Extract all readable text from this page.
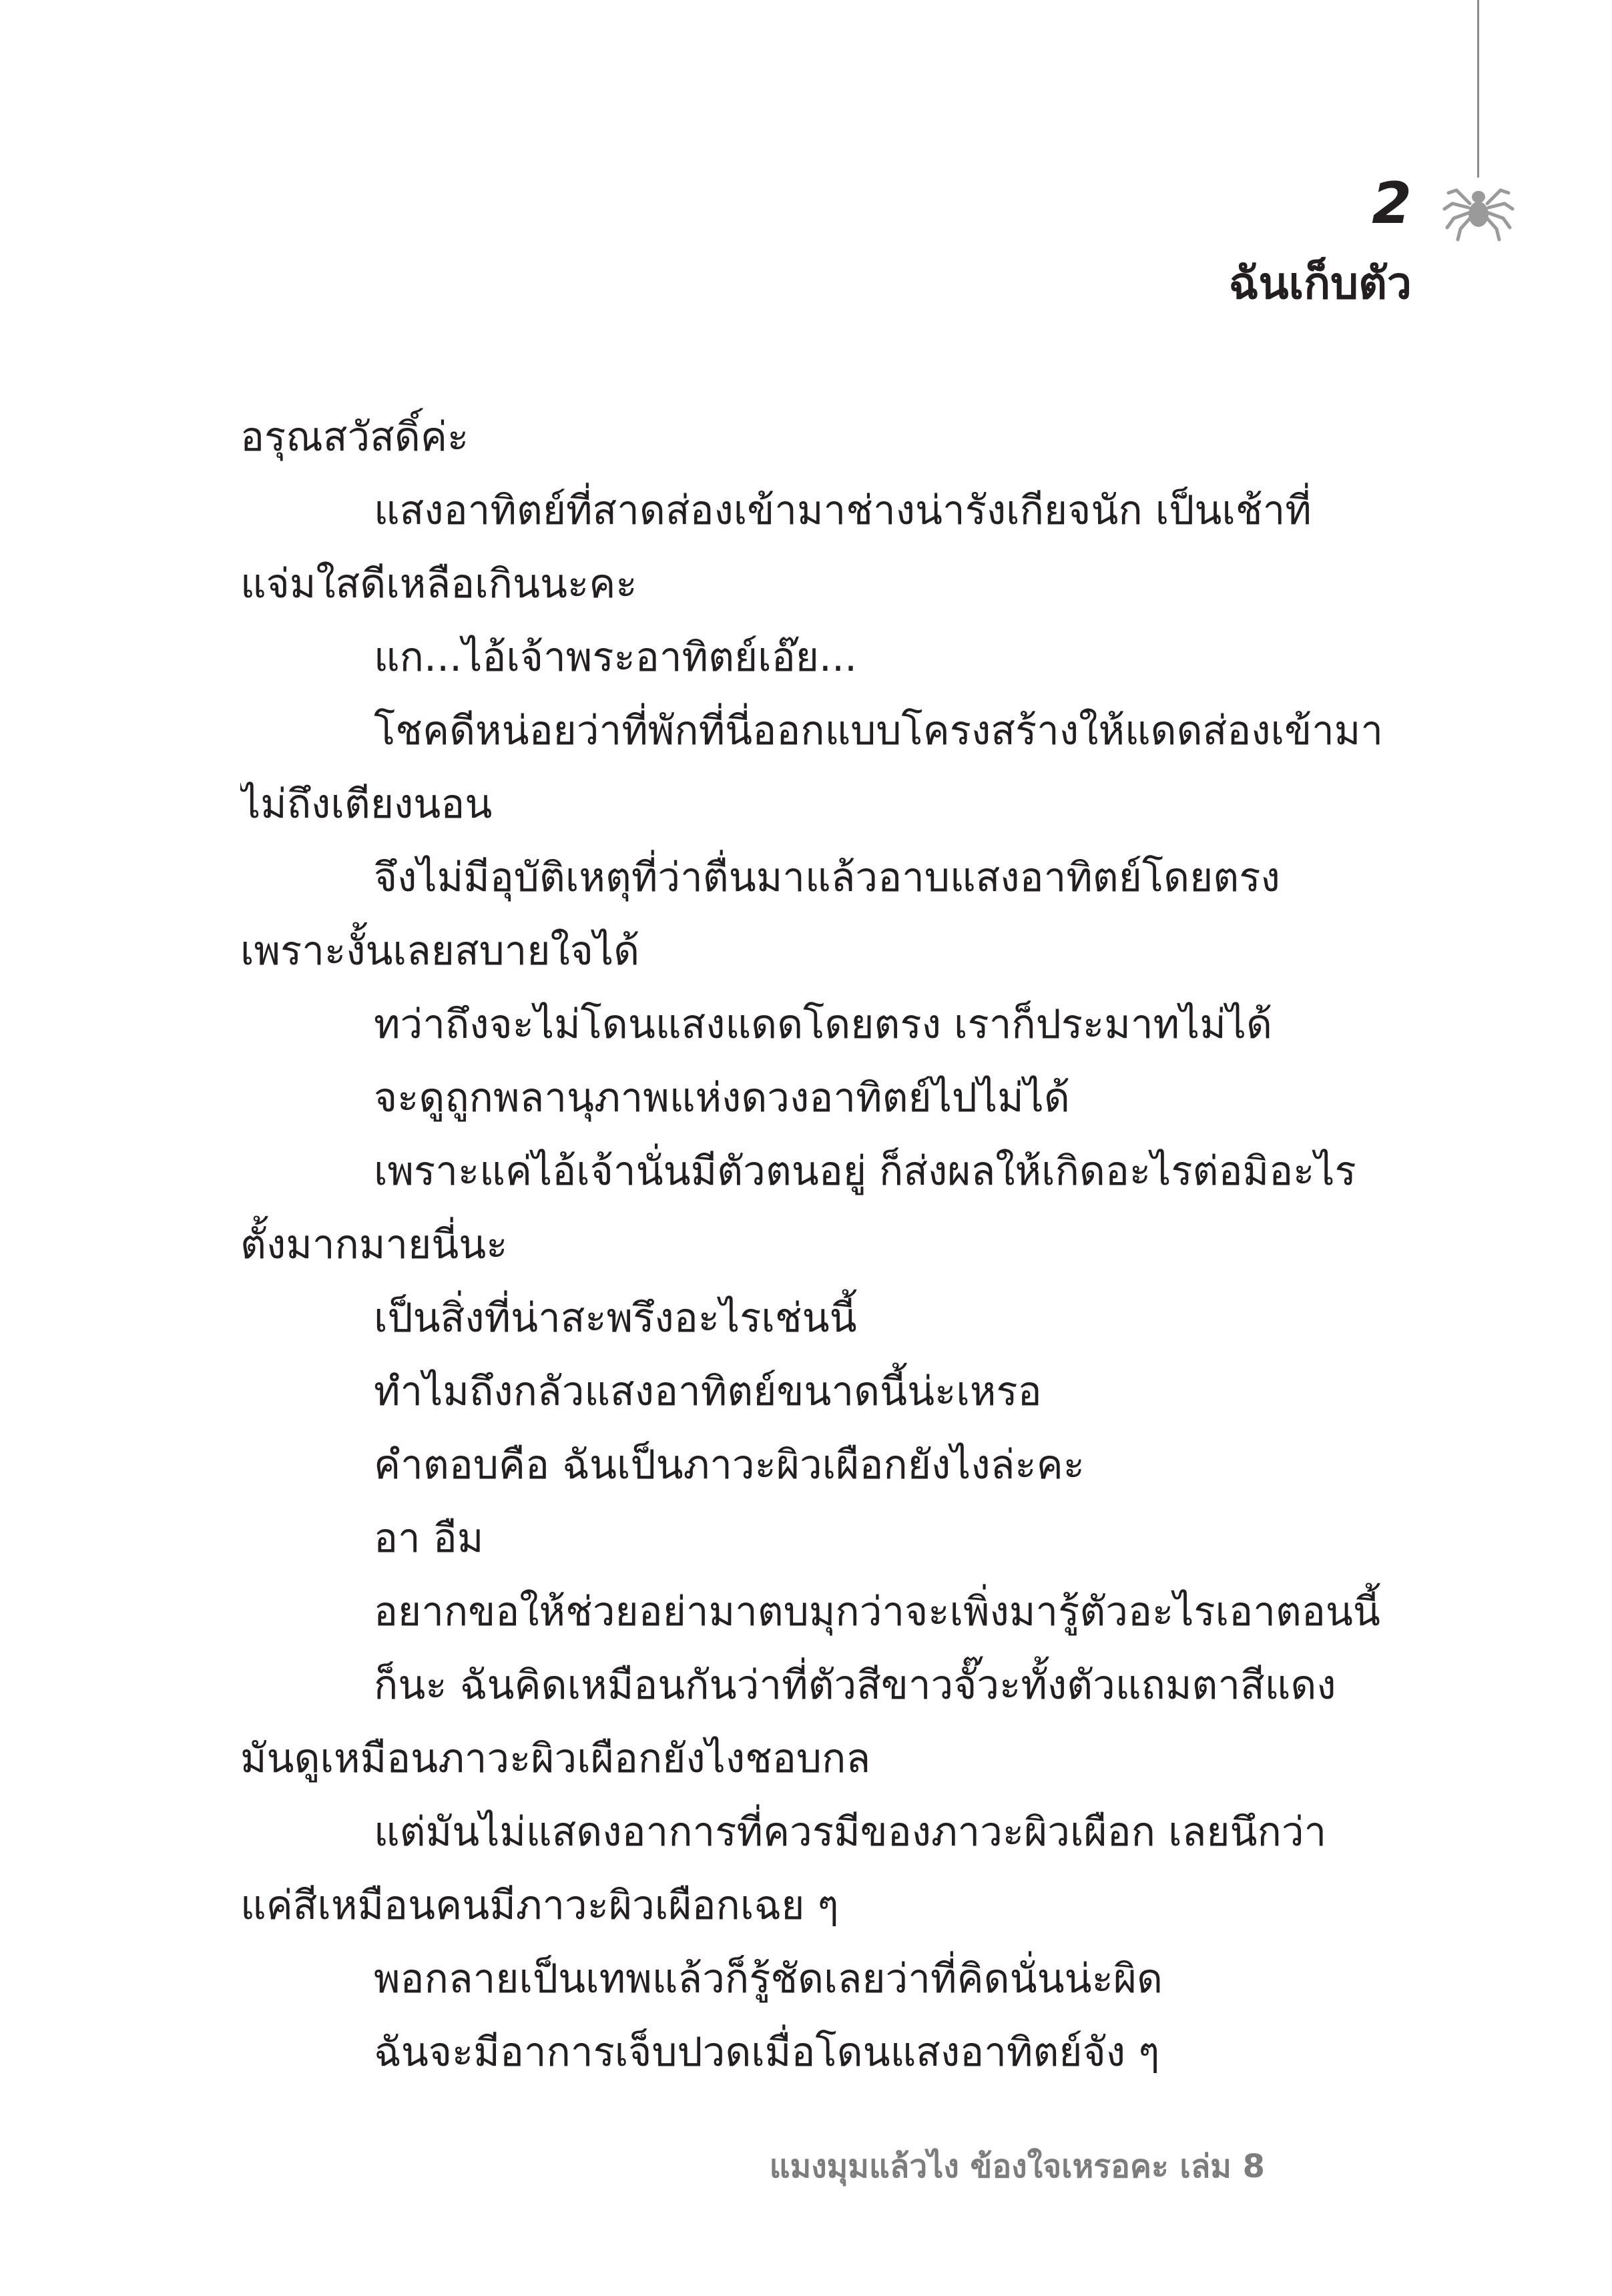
2
ฉันเก็บตัว
อรุณสวัสดิ์ค่ะ
แสงอาทิตย์ที่สาดส่องเข้ามาช่างน่ารังเกียจนัก เป็นเช้าที่
แจ่มใสดีเหลือเกินนะคะ
แก...ไอ้เจ้าพระอาทิตย์เอ๊ย...
โชคดีหน่อยว่าที่พักที่นี่ออกแบบโครงสร้างให้แดดส่องเข้ามา
ไม่ถึงเตียงนอน
จึงไม่มีอุบัติเหตุที่ว่าตื่นมาแล้วอาบแสงอาทิตย์โดยตรง
เพราะงั้นเลยสบายใจได้
ทว่าถึงจะไม่โดนแสงแดดโดยตรง เราก็ประมาทไม่ได้
จะดูถูกพลานุภาพแห่งดวงอาทิตย์ไปไม่ได้
เพราะแค่ไอ้เจ้านั่นมีตัวตนอยู่ ก็ส่งผลให้เกิดอะไรต่อมิอะไร
ตั้งมากมายนี่นะ
เป็นสิ่งที่น่าสะพรึงอะไรเช่นนี้
ทำไมถึงกลัวแสงอาทิตย์ขนาดนี้น่ะเหรอ
คำตอบคือ ฉันเป็นภาวะผิวเผือกยังไงล่ะคะ
อา อืม
อยากขอให้ช่วยอย่ามาตบมุกว่าจะเพิ่งมารู้ตัวอะไรเอาตอนนี้
ก็นะ ฉันคิดเหมือนกันว่าที่ตัวสีขาวจั๊วะทั้งตัวแถมตาสีแดง
มันดูเหมือนภาวะผิวเผือกยังไงชอบกล
แต่มันไม่แสดงอาการที่ควรมีของภาวะผิวเผือก เลยนึกว่า
แค่สีเหมือนคนมีภาวะผิวเผือกเฉย ๆ
พอกลายเป็นเทพแล้วก็รู้ชัดเลยว่าที่คิดนั่นน่ะผิด
ฉันจะมีอาการเจ็บปวดเมื่อโดนแสงอาทิตย์จัง ๆ
แมงมุมแล้วไง ข้องใจเหรอคะ เล่ม 8
